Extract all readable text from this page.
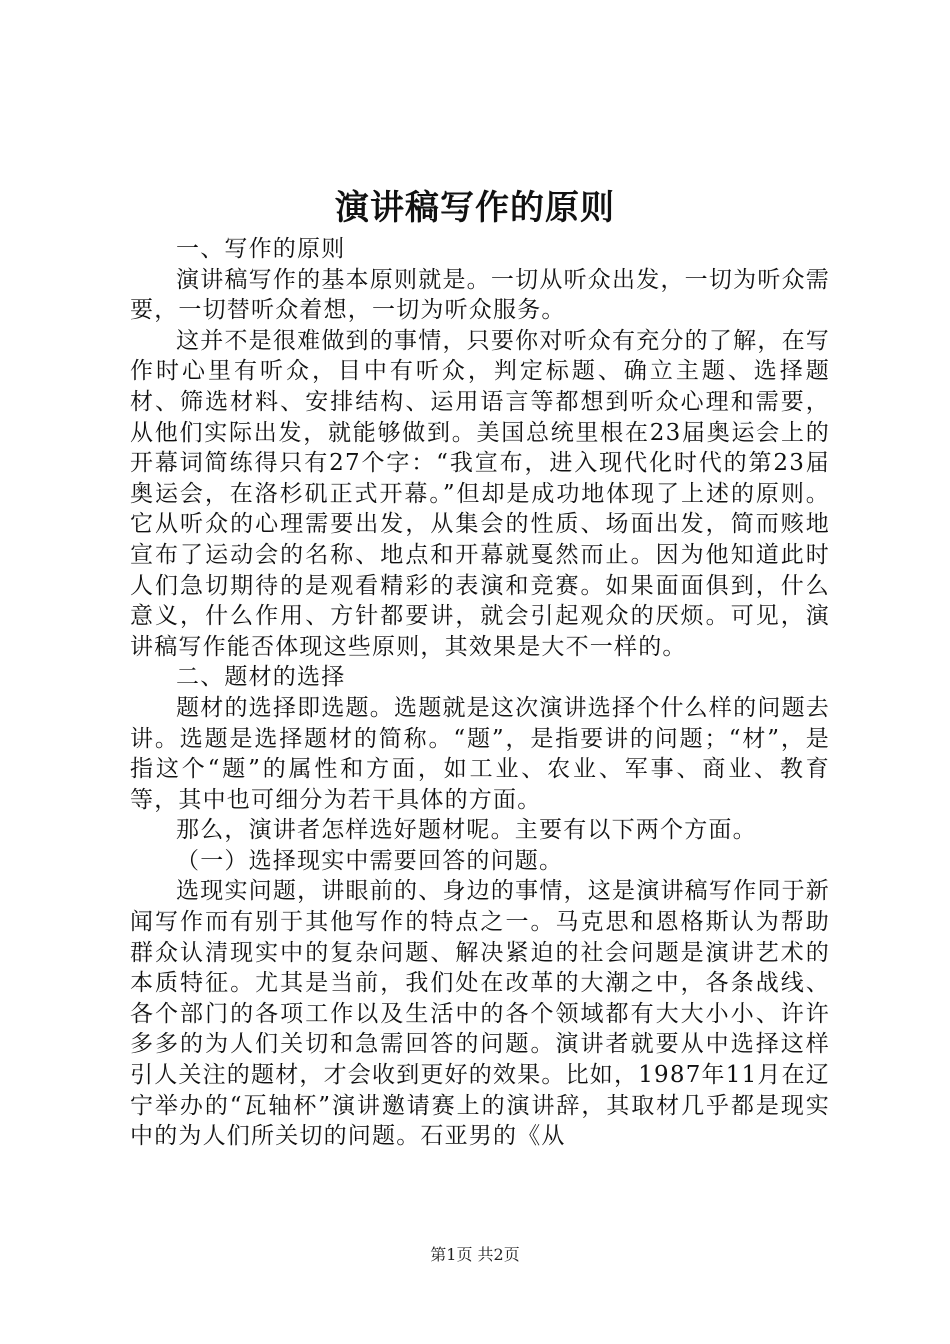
演讲稿写作的原则

一、写作的原则

演讲稿写作的基本原则就是。一切从听众出发，一切为听众需要，一切替听众着想，一切为听众服务。

这并不是很难做到的事情，只要你对听众有充分的了解，在写作时心里有听众，目中有听众，判定标题、确立主题、选择题材、筛选材料、安排结构、运用语言等都想到听众心理和需要，从他们实际出发，就能够做到。美国总统里根在23届奥运会上的开幕词简练得只有27个字：“我宣布，进入现代化时代的第23届奥运会，在洛杉矶正式开幕。”但却是成功地体现了上述的原则。它从听众的心理需要出发，从集会的性质、场面出发，简而赅地宣布了运动会的名称、地点和开幕就戛然而止。因为他知道此时人们急切期待的是观看精彩的表演和竞赛。如果面面俱到，什么意义，什么作用、方针都要讲，就会引起观众的厌烦。可见，演讲稿写作能否体现这些原则，其效果是大不一样的。

二、题材的选择

题材的选择即选题。选题就是这次演讲选择个什么样的问题去讲。选题是选择题材的简称。“题”，是指要讲的问题；“材”，是指这个“题”的属性和方面，如工业、农业、军事、商业、教育等，其中也可细分为若干具体的方面。

那么，演讲者怎样选好题材呢。主要有以下两个方面。

（一）选择现实中需要回答的问题。

选现实问题，讲眼前的、身边的事情，这是演讲稿写作同于新闻写作而有别于其他写作的特点之一。马克思和恩格斯认为帮助群众认清现实中的复杂问题、解决紧迫的社会问题是演讲艺术的本质特征。尤其是当前，我们处在改革的大潮之中，各条战线、各个部门的各项工作以及生活中的各个领域都有大大小小、许许多多的为人们关切和急需回答的问题。演讲者就要从中选择这样引人关注的题材，才会收到更好的效果。比如，1987年11月在辽宁举办的“瓦轴杯”演讲邀请赛上的演讲辞，其取材几乎都是现实中的为人们所关切的问题。石亚男的《从

第1页 共2页
